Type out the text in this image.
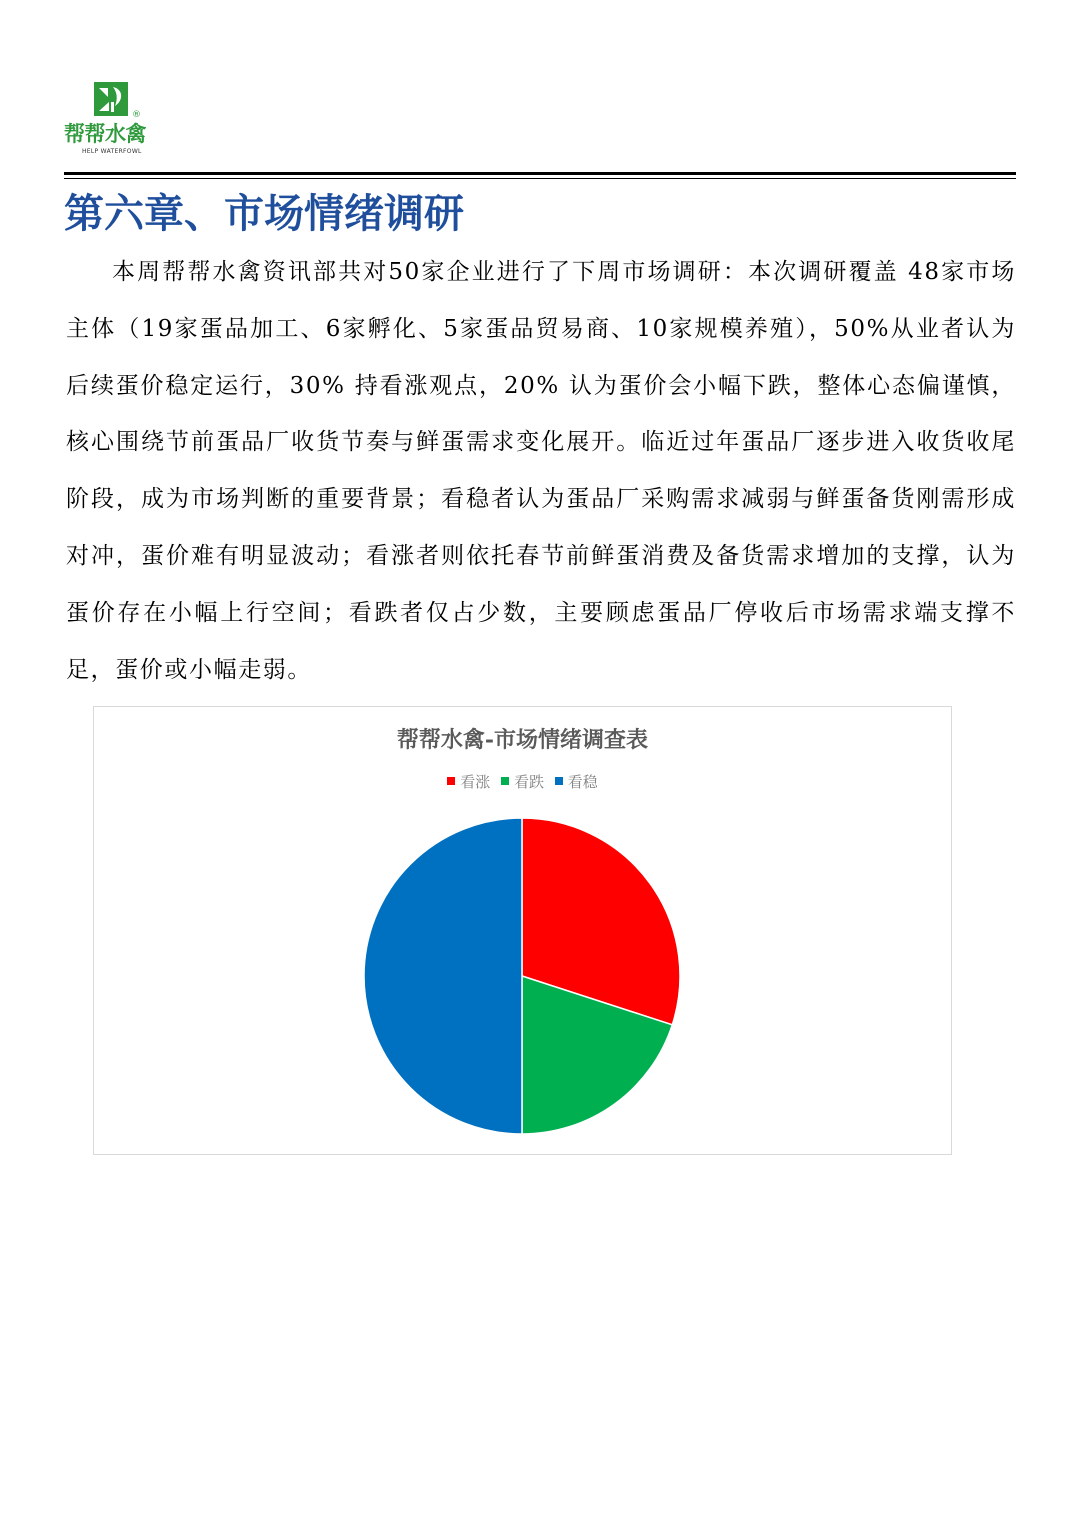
®
帮帮水禽
HELP WATERFOWL
第六章、市场情绪调研

本周帮帮水禽资讯部共对50家企业进行了下周市场调研：本次调研覆盖 48家市场主体（19家蛋品加工、6家孵化、5家蛋品贸易商、10家规模养殖），50%从业者认为后续蛋价稳定运行，30% 持看涨观点，20% 认为蛋价会小幅下跌，整体心态偏谨慎，核心围绕节前蛋品厂收货节奏与鲜蛋需求变化展开。临近过年蛋品厂逐步进入收货收尾阶段，成为市场判断的重要背景；看稳者认为蛋品厂采购需求减弱与鲜蛋备货刚需形成对冲，蛋价难有明显波动；看涨者则依托春节前鲜蛋消费及备货需求增加的支撑，认为蛋价存在小幅上行空间；看跌者仅占少数，主要顾虑蛋品厂停收后市场需求端支撑不足，蛋价或小幅走弱。

帮帮水禽-市场情绪调查表
看涨 看跌 看稳
